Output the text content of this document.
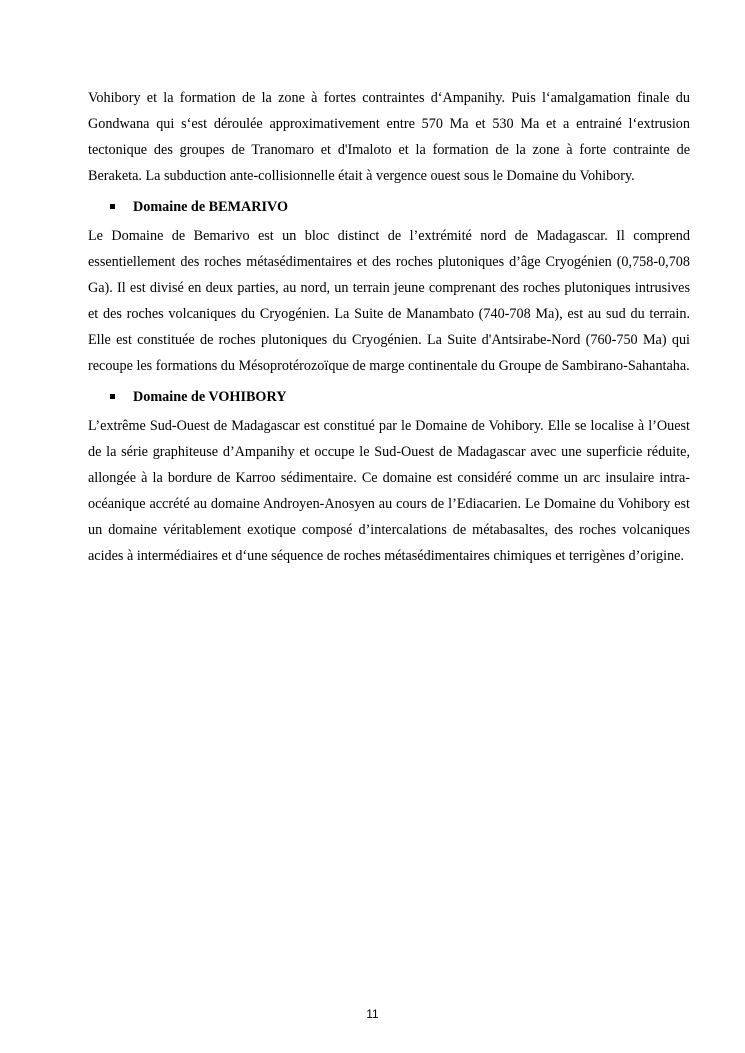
Vohibory et la formation de la zone à fortes contraintes d‘Ampanihy. Puis l‘amalgamation finale du Gondwana qui s‘est déroulée approximativement entre 570 Ma et 530 Ma et a entrainé l‘extrusion tectonique des groupes de Tranomaro et d'Imaloto et la formation de la zone à forte contrainte de Beraketa. La subduction ante-collisionnelle était à vergence ouest sous le Domaine du Vohibory.

Domaine de BEMARIVO

Le Domaine de Bemarivo est un bloc distinct de l’extrémité nord de Madagascar. Il comprend essentiellement des roches métasédimentaires et des roches plutoniques d’âge Cryogénien (0,758-0,708 Ga). Il est divisé en deux parties, au nord, un terrain jeune comprenant des roches plutoniques intrusives et des roches volcaniques du Cryogénien. La Suite de Manambato (740-708 Ma), est au sud du terrain. Elle est constituée de roches plutoniques du Cryogénien. La Suite d'Antsirabe-Nord (760-750 Ma) qui recoupe les formations du Mésoprotérozoïque de marge continentale du Groupe de Sambirano-Sahantaha.

Domaine de VOHIBORY

L’extrême Sud-Ouest de Madagascar est constitué par le Domaine de Vohibory. Elle se localise à l’Ouest de la série graphiteuse d’Ampanihy et occupe le Sud-Ouest de Madagascar avec une superficie réduite, allongée à la bordure de Karroo sédimentaire. Ce domaine est considéré comme un arc insulaire intra-océanique accrété au domaine Androyen-Anosyen au cours de l’Ediacarien. Le Domaine du Vohibory est un domaine véritablement exotique composé d’intercalations de métabasaltes, des roches volcaniques acides à intermédiaires et d‘une séquence de roches métasédimentaires chimiques et terrigènes d’origine.

11
